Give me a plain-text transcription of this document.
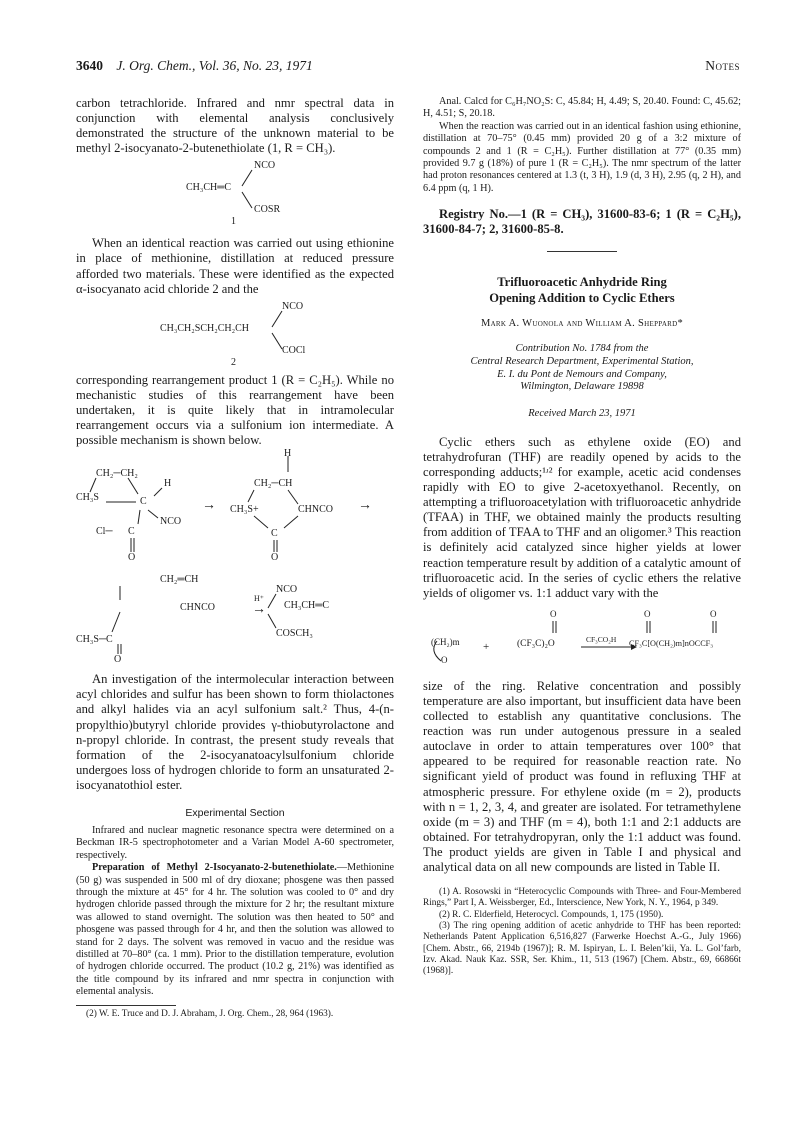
3640 J. Org. Chem., Vol. 36, No. 23, 1971	Notes

carbon tetrachloride. Infrared and nmr spectral data in conjunction with elemental analysis conclusively demonstrated the structure of the unknown material to be methyl 2-isocyanato-2-butenethiolate (1, R = CH₃).

NCO
CH₃CH═C
COSR
1

When an identical reaction was carried out using ethionine in place of methionine, distillation at reduced pressure afforded two materials. These were identified as the expected α-isocyanato acid chloride 2 and the

NCO
CH₃CH₂SCH₂CH₂CH
COCl
2

corresponding rearrangement product 1 (R = C₂H₅). While no mechanistic studies of this rearrangement have been undertaken, it is quite likely that in intramolecular rearrangement occurs via a sulfonium ion intermediate. A possible mechanism is shown below.

CH₂─CH₂
CH₃S
H
C
NCO
Cl─ C
O
H
CH₂─CH
CH₃S+	CHNCO
C
O
→	→
CH₂═CH
CHNCO
CH₃S─C
O
H⁺
→
NCO
COSCH₃
CH₃CH═C

An investigation of the intermolecular interaction between acyl chlorides and sulfur has been shown to form thiolactones and alkyl halides via an acyl sulfonium salt.² Thus, 4-(n-propylthio)butyryl chloride provides γ-thiobutyrolactone and n-propyl chloride. In contrast, the present study reveals that formation of the 2-isocyanatoacylsulfonium chloride undergoes loss of hydrogen chloride to form an unsaturated 2-isocyanatothiol ester.

Experimental Section

Infrared and nuclear magnetic resonance spectra were determined on a Beckman IR-5 spectrophotometer and a Varian Model A-60 spectrometer, respectively.

Preparation of Methyl 2-Isocyanato-2-butenethiolate.—Methionine (50 g) was suspended in 500 ml of dry dioxane; phosgene was then passed through the mixture at 45° for 4 hr. The solution was cooled to 0° and dry hydrogen chloride passed through the mixture for 2 hr; the resultant mixture was allowed to stand overnight. The solution was then heated to 50° and phosgene was passed through for 4 hr, and then the solution was allowed to stand for 2 days. The solvent was removed in vacuo and the residue was distilled at 70–80° (ca. 1 mm). Prior to the distillation temperature, evolution of hydrogen chloride occurred. The product (10.2 g, 21%) was identified as the title compound by its infrared and nmr spectra in conjunction with elemental analysis.

(2) W. E. Truce and D. J. Abraham, J. Org. Chem., 28, 964 (1963).

Anal. Calcd for C₆H₇NO₂S: C, 45.84; H, 4.49; S, 20.40. Found: C, 45.62; H, 4.51; S, 20.18.

When the reaction was carried out in an identical fashion using ethionine, distillation at 70–75° (0.45 mm) provided 20 g of a 3:2 mixture of compounds 2 and 1 (R = C₂H₅). Further distillation at 77° (0.35 mm) provided 9.7 g (18%) of pure 1 (R = C₂H₅). The nmr spectrum of the latter had proton resonances centered at 1.3 (t, 3 H), 1.9 (d, 3 H), 2.95 (q, 2 H), and 6.4 ppm (q, 1 H).

Registry No.—1 (R = CH₃), 31600-83-6; 1 (R = C₂H₅), 31600-84-7; 2, 31600-85-8.

Trifluoroacetic Anhydride Ring

Opening Addition to Cyclic Ethers

Mark A. Wuonola and William A. Sheppard*

Contribution No. 1784 from the

Central Research Department, Experimental Station,

E. I. du Pont de Nemours and Company,

Wilmington, Delaware 19898

Received March 23, 1971

Cyclic ethers such as ethylene oxide (EO) and tetrahydrofuran (THF) are readily opened by acids to the corresponding adducts;¹ʴ² for example, acetic acid condenses rapidly with EO to give 2-acetoxyethanol. Recently, on attempting a trifluoroacetylation with trifluoroacetic anhydride (TFAA) in THF, we obtained mainly the products resulting from addition of TFAA to THF and an oligomer.³ This reaction is definitely acid catalyzed since higher yields at lower reaction temperature result by addition of a catalytic amount of trifluoroacetic acid. In the series of cyclic ethers the relative yields of oligomer vs. 1:1 adduct vary with the

(CH₂)m
O
+
O
(CF₃C)₂O	CF₃CO₂H
O	O
CF₃C[O(CH₂)m]nOCCF₃

size of the ring. Relative concentration and possibly temperature are also important, but insufficient data have been collected to establish any quantitative conclusions. The reaction was run under autogenous pressure in a sealed autoclave in order to attain temperatures over 100° that appeared to be required for reasonable reaction rate. No significant yield of product was found in refluxing THF at atmospheric pressure. For ethylene oxide (m = 2), products with n = 1, 2, 3, 4, and greater are isolated. For tetramethylene oxide (m = 3) and THF (m = 4), both 1:1 and 2:1 adducts are obtained. For tetrahydropyran, only the 1:1 adduct was found. The product yields are given in Table I and physical and analytical data on all new compounds are listed in Table II.

(1) A. Rosowski in “Heterocyclic Compounds with Three- and Four-Membered Rings,” Part I, A. Weissberger, Ed., Interscience, New York, N. Y., 1964, p 349.

(2) R. C. Elderfield, Heterocycl. Compounds, 1, 175 (1950).

(3) The ring opening addition of acetic anhydride to THF has been reported: Netherlands Patent Application 6,516,827 (Farwerke Hoechst A.-G., July 1966) [Chem. Abstr., 66, 2194b (1967)]; R. M. Ispiryan, L. I. Belen’kii, Ya. L. Gol’farb, Izv. Akad. Nauk Kaz. SSR, Ser. Khim., 11, 513 (1967) [Chem. Abstr., 69, 66866t (1968)].
